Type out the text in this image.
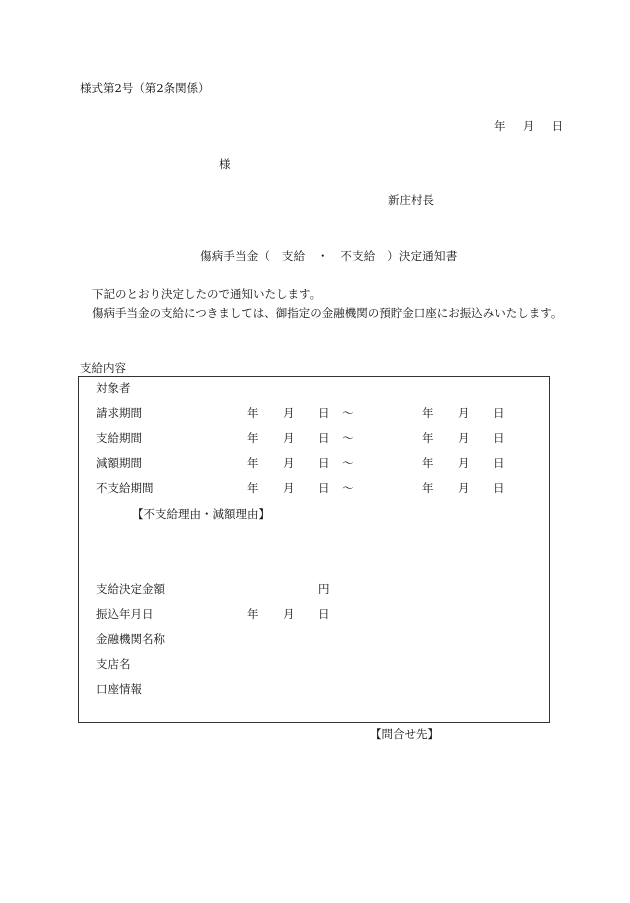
様式第2号（第2条関係）
年 月 日
様
新庄村長
傷病手当金（　支給　・　不支給　）決定通知書
下記のとおり決定したので通知いたします。
傷病手当金の支給につきましては、御指定の金融機関の預貯金口座にお振込みいたします。
支給内容
対象者
請求期間	年 月 日 〜	年 月 日
支給期間	年 月 日 〜	年 月 日
減額期間	年 月 日 〜	年 月 日
不支給期間	年 月 日 〜	年 月 日
【不支給理由・減額理由】
支給決定金額	円
振込年月日	年 月 日
金融機関名称
支店名
口座情報
【問合せ先】
